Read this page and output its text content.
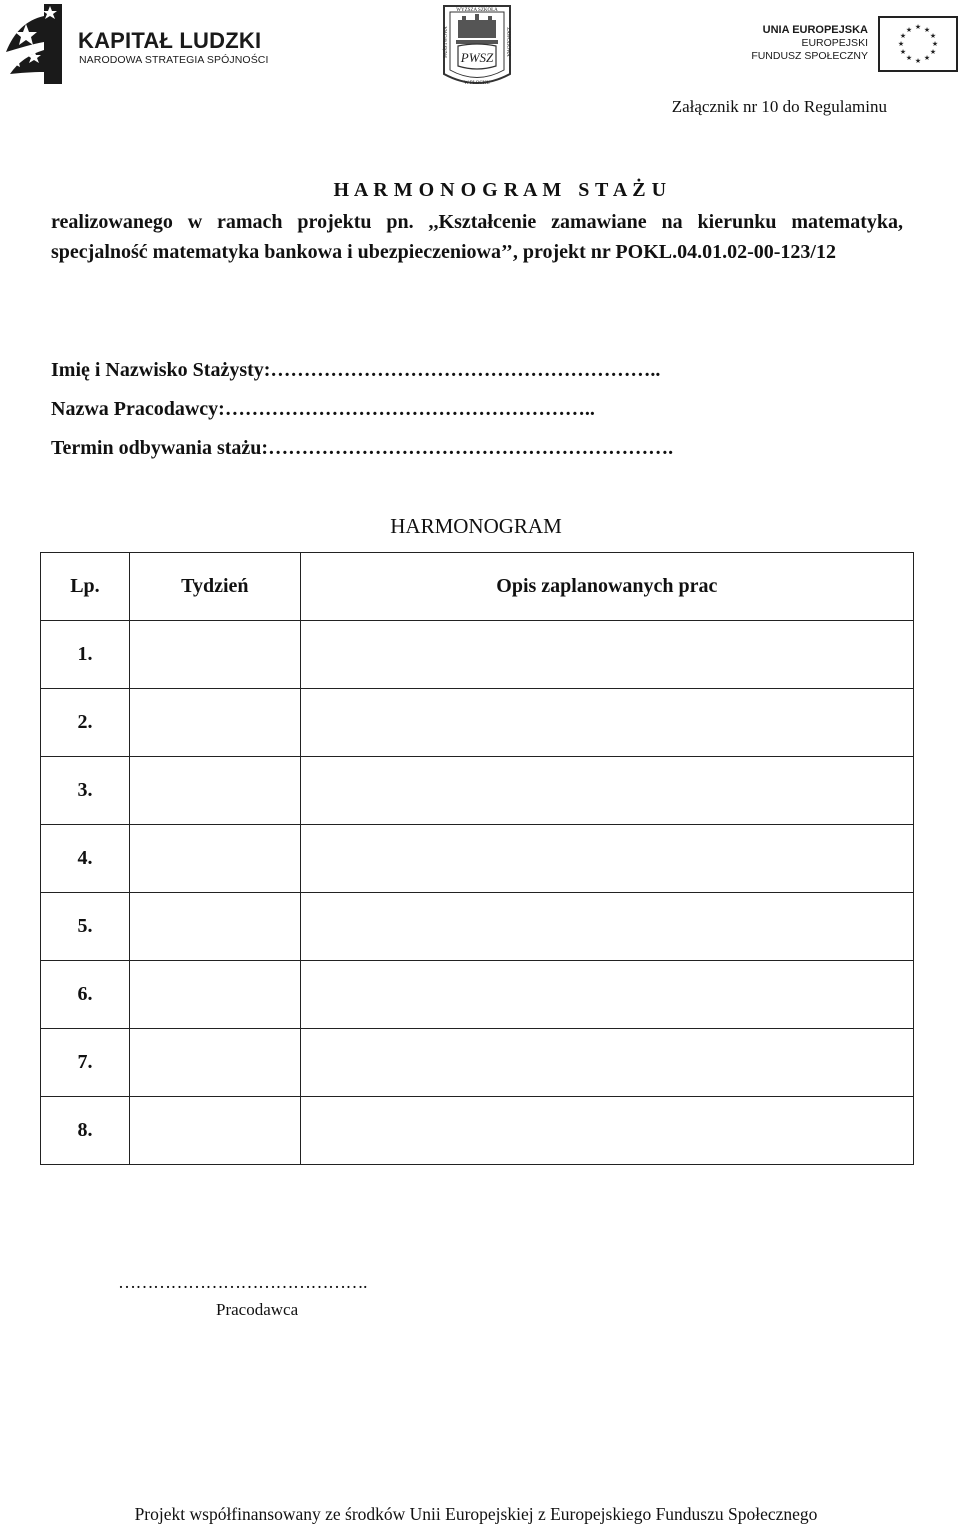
KAPITAŁ LUDZKI
NARODOWA STRATEGIA SPÓJNOŚCI	PWSZ
WYŻSZA SZKOŁA
W PŁOCKU
PAŃSTWOWA	ZAWODOWA	UNIA EUROPEJSKA
EUROPEJSKI
FUNDUSZ SPOŁECZNY
★ ★
★
★
★
★
★
★
★
★
★
★
Załącznik nr 10 do Regulaminu
H A R M O N O G R A M   S T A Ż U
realizowanego w ramach projektu pn. ,,Kształcenie zamawiane na kierunku matematyka, specjalność matematyka bankowa i ubezpieczeniowa’’, projekt nr POKL.04.01.02-00-123/12
Imię i Nazwisko Stażysty:…………………………………………………..
Nazwa Pracodawcy:………………………………………………..
Termin odbywania stażu:…………………………………………………….
HARMONOGRAM
Lp.	Tydzień	Opis zaplanowanych prac
1.		
2.		
3.		
4.		
5.		
6.		
7.		
8.		
…………………………………….
Pracodawca
Projekt współfinansowany ze środków Unii Europejskiej z Europejskiego Funduszu Społecznego
